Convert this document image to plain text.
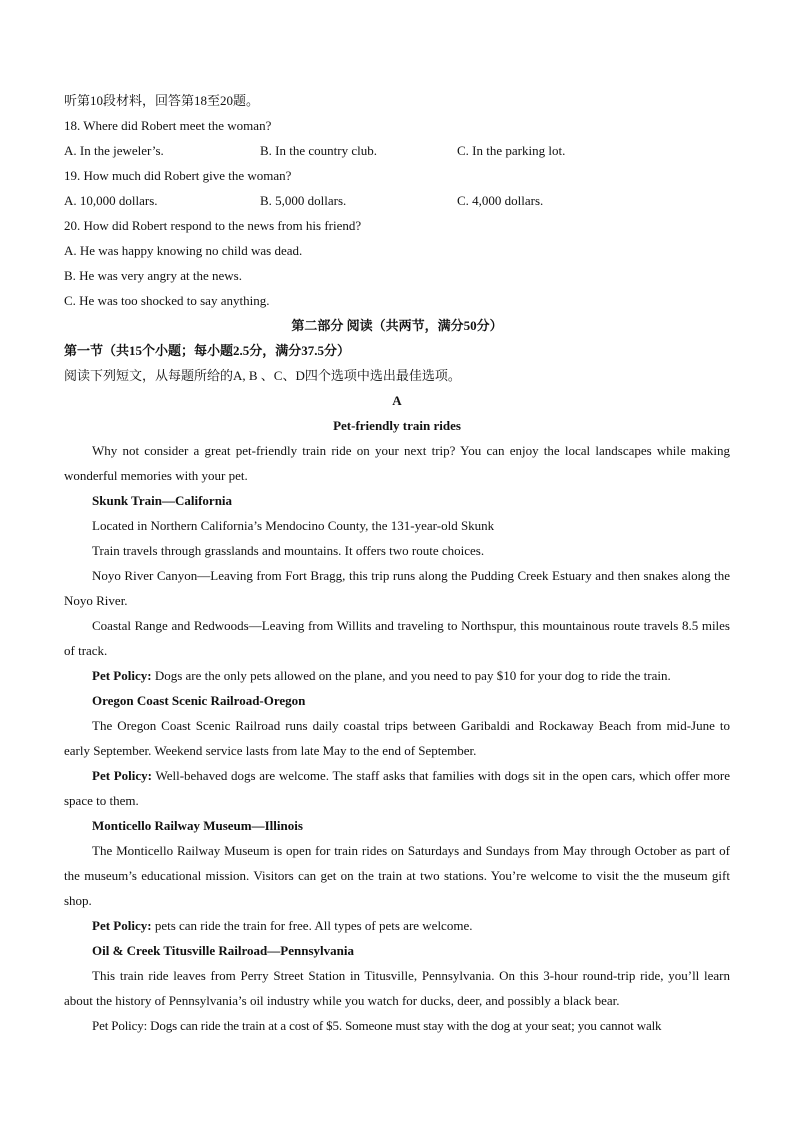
听第10段材料，回答第18至20题。
18. Where did Robert meet the woman?
A. In the jeweler’s.	B. In the country club.	C. In the parking lot.
19. How much did Robert give the woman?
A. 10,000 dollars.	B. 5,000 dollars.	C. 4,000 dollars.
20. How did Robert respond to the news from his friend?
A. He was happy knowing no child was dead.
B. He was very angry at the news.
C. He was too shocked to say anything.
第二部分 阅读（共两节，满分50分）
第一节（共15个小题；每小题2.5分，满分37.5分）
阅读下列短文，从每题所给的A, B 、C、D四个选项中选出最佳选项。
A
Pet-friendly train rides
Why not consider a great pet-friendly train ride on your next trip? You can enjoy the local landscapes while making wonderful memories with your pet.
Skunk Train—California
Located in Northern California’s Mendocino County, the 131-year-old Skunk
Train travels through grasslands and mountains. It offers two route choices.
Noyo River Canyon—Leaving from Fort Bragg, this trip runs along the Pudding Creek Estuary and then snakes along the Noyo River.
Coastal Range and Redwoods—Leaving from Willits and traveling to Northspur, this mountainous route travels 8.5 miles of track.
Pet Policy: Dogs are the only pets allowed on the plane, and you need to pay $10 for your dog to ride the train.
Oregon Coast Scenic Railroad-Oregon
The Oregon Coast Scenic Railroad runs daily coastal trips between Garibaldi and Rockaway Beach from mid-June to early September. Weekend service lasts from late May to the end of September.
Pet Policy: Well-behaved dogs are welcome. The staff asks that families with dogs sit in the open cars, which offer more space to them.
Monticello Railway Museum—Illinois
The Monticello Railway Museum is open for train rides on Saturdays and Sundays from May through October as part of the museum’s educational mission. Visitors can get on the train at two stations. You’re welcome to visit the the museum gift shop.
Pet Policy: pets can ride the train for free. All types of pets are welcome.
Oil & Creek Titusville Railroad—Pennsylvania
This train ride leaves from Perry Street Station in Titusville, Pennsylvania. On this 3-hour round-trip ride, you’ll learn about the history of Pennsylvania’s oil industry while you watch for ducks, deer, and possibly a black bear.
Pet Policy: Dogs can ride the train at a cost of $5. Someone must stay with the dog at your seat; you cannot walk
